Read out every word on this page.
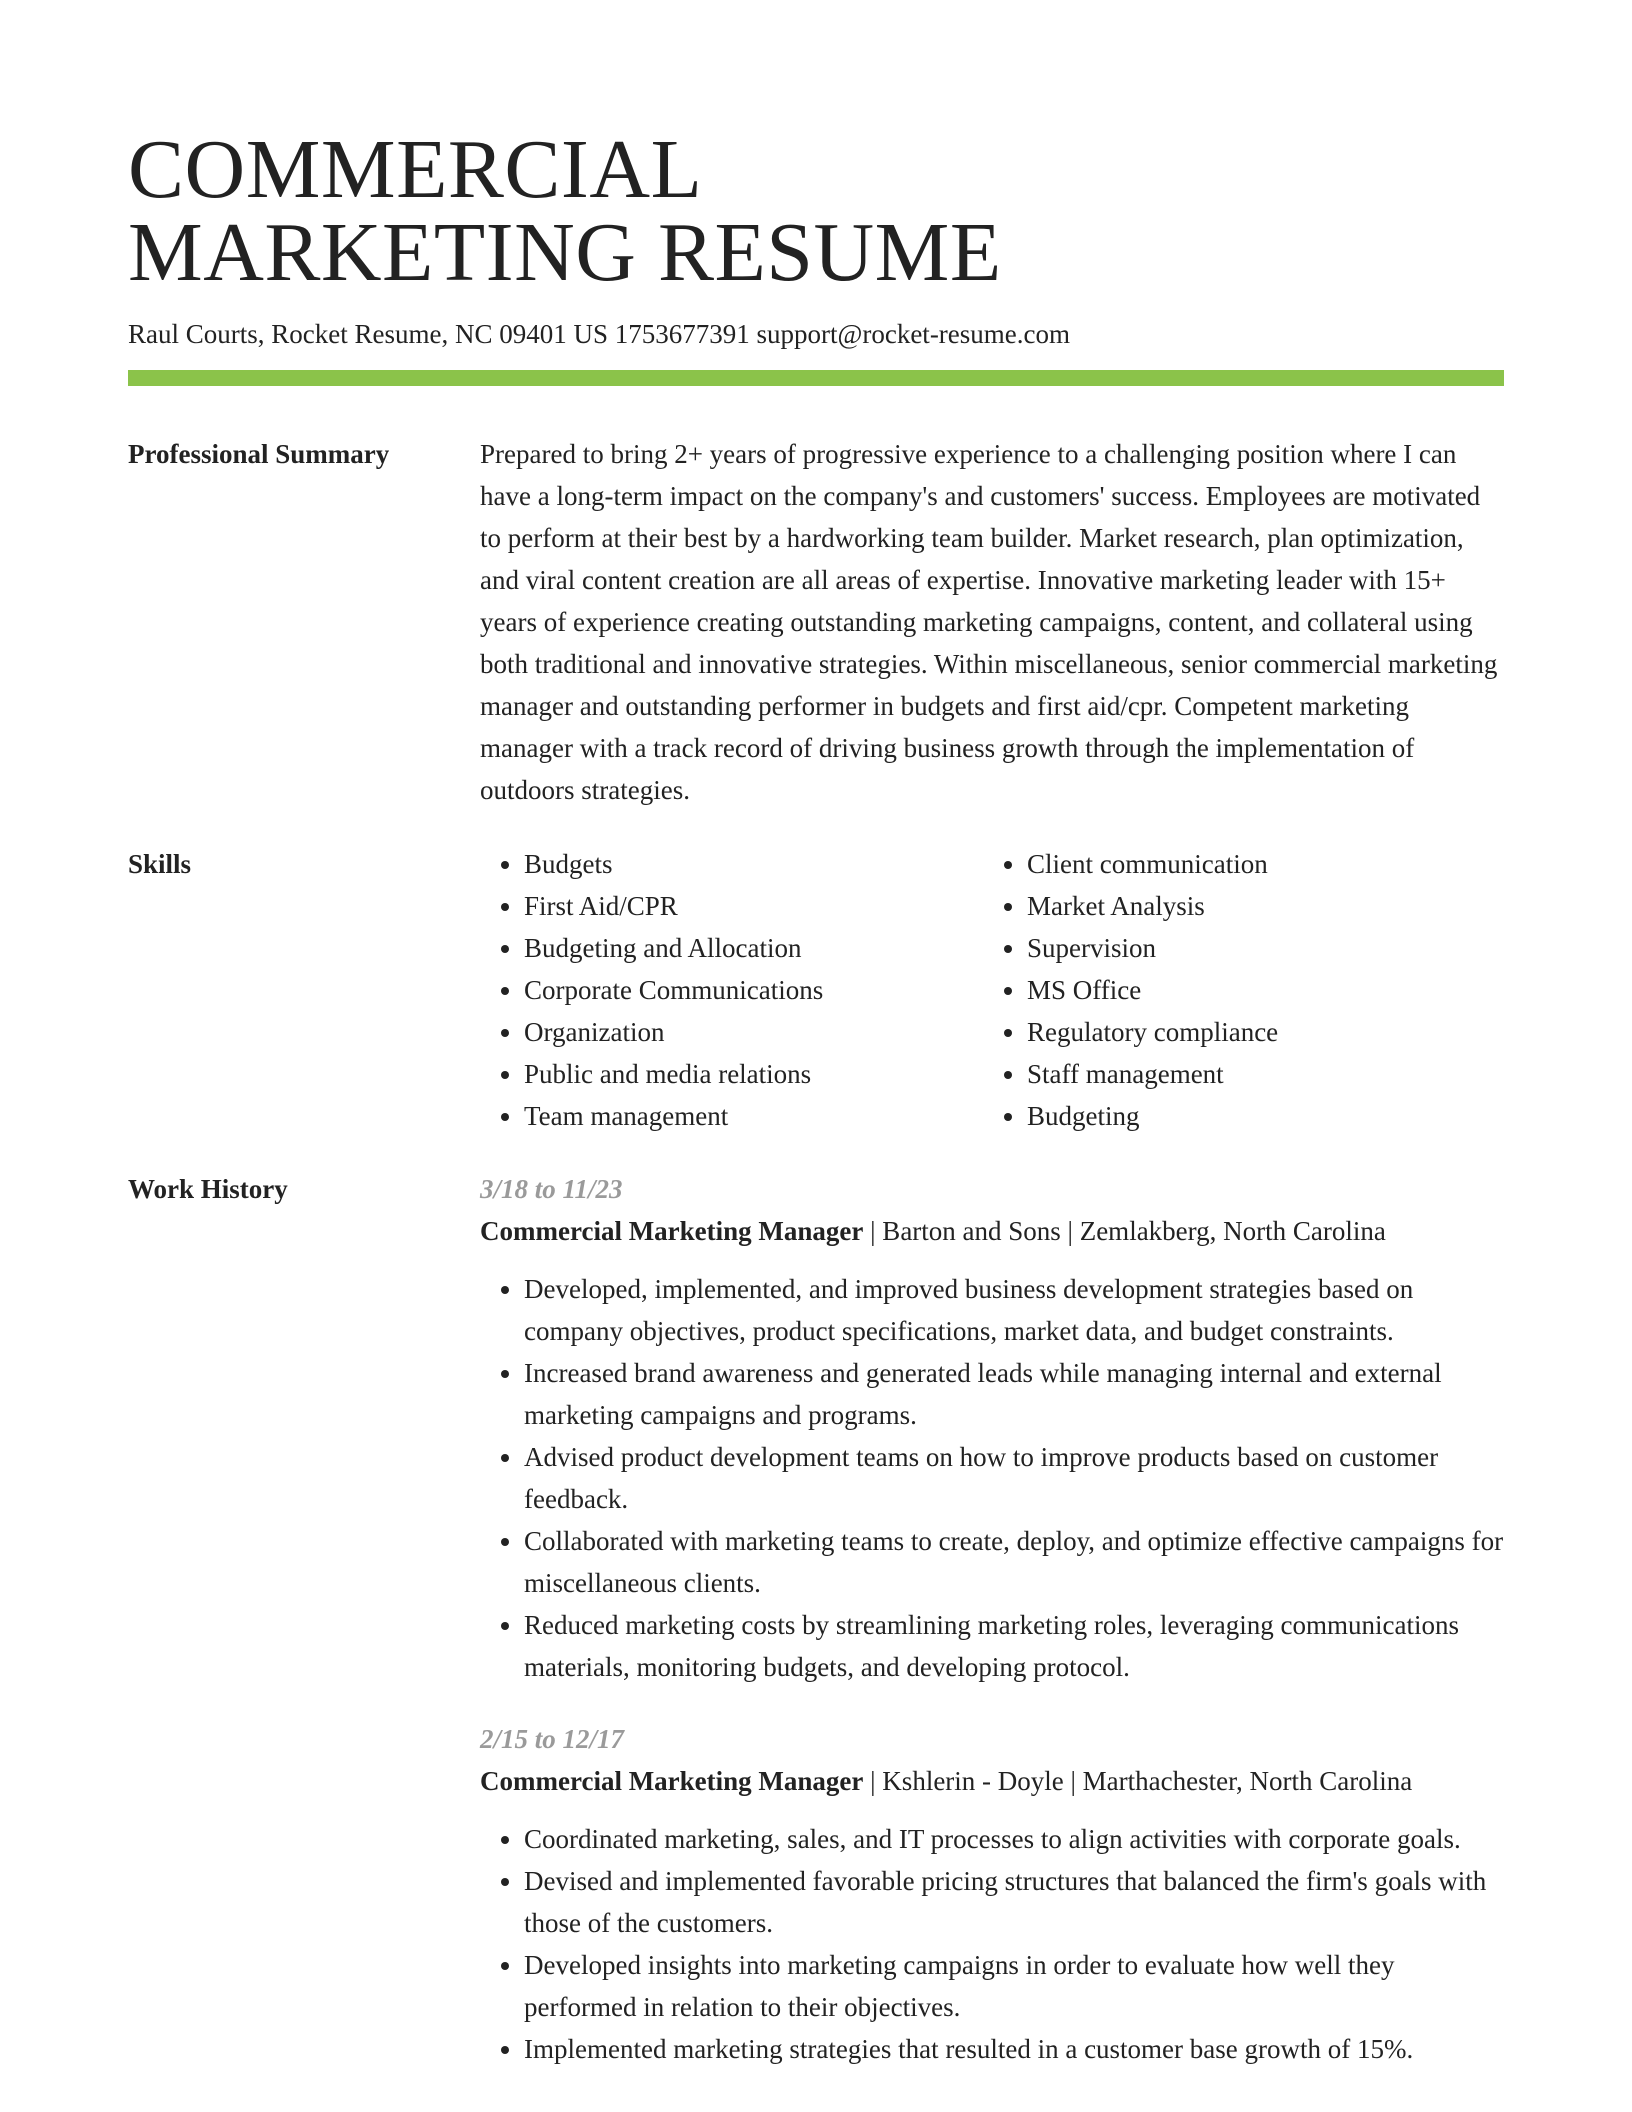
COMMERCIAL
MARKETING RESUME
Raul Courts, Rocket Resume, NC 09401 US 1753677391 support@rocket-resume.com
Professional Summary	Prepared to bring 2+ years of progressive experience to a challenging position where I can have a long-term impact on the company's and customers' success. Employees are motivated to perform at their best by a hardworking team builder. Market research, plan optimization, and viral content creation are all areas of expertise. Innovative marketing leader with 15+ years of experience creating outstanding marketing campaigns, content, and collateral using both traditional and innovative strategies. Within miscellaneous, senior commercial marketing manager and outstanding performer in budgets and first aid/cpr. Competent marketing manager with a track record of driving business growth through the implementation of outdoors strategies.

Skills
•	Budgets
• First Aid/CPR
• Budgeting and Allocation
• Corporate Communications
• Organization
• Public and media relations
• Team management
• Client communication
• Market Analysis
• Supervision
• MS Office
• Regulatory compliance
• Staff management
• Budgeting
Work History	3/18 to 11/23
Commercial Marketing Manager | Barton and Sons | Zemlakberg, North Carolina
• Developed, implemented, and improved business development strategies based on company objectives, product specifications, market data, and budget constraints.
• Increased brand awareness and generated leads while managing internal and external marketing campaigns and programs.
• Advised product development teams on how to improve products based on customer feedback.
• Collaborated with marketing teams to create, deploy, and optimize effective campaigns for miscellaneous clients.
• Reduced marketing costs by streamlining marketing roles, leveraging communications materials, monitoring budgets, and developing protocol.
2/15 to 12/17
Commercial Marketing Manager | Kshlerin - Doyle | Marthachester, North Carolina
• Coordinated marketing, sales, and IT processes to align activities with corporate goals.
• Devised and implemented favorable pricing structures that balanced the firm's goals with those of the customers.
• Developed insights into marketing campaigns in order to evaluate how well they performed in relation to their objectives.
• Implemented marketing strategies that resulted in a customer base growth of 15%.
